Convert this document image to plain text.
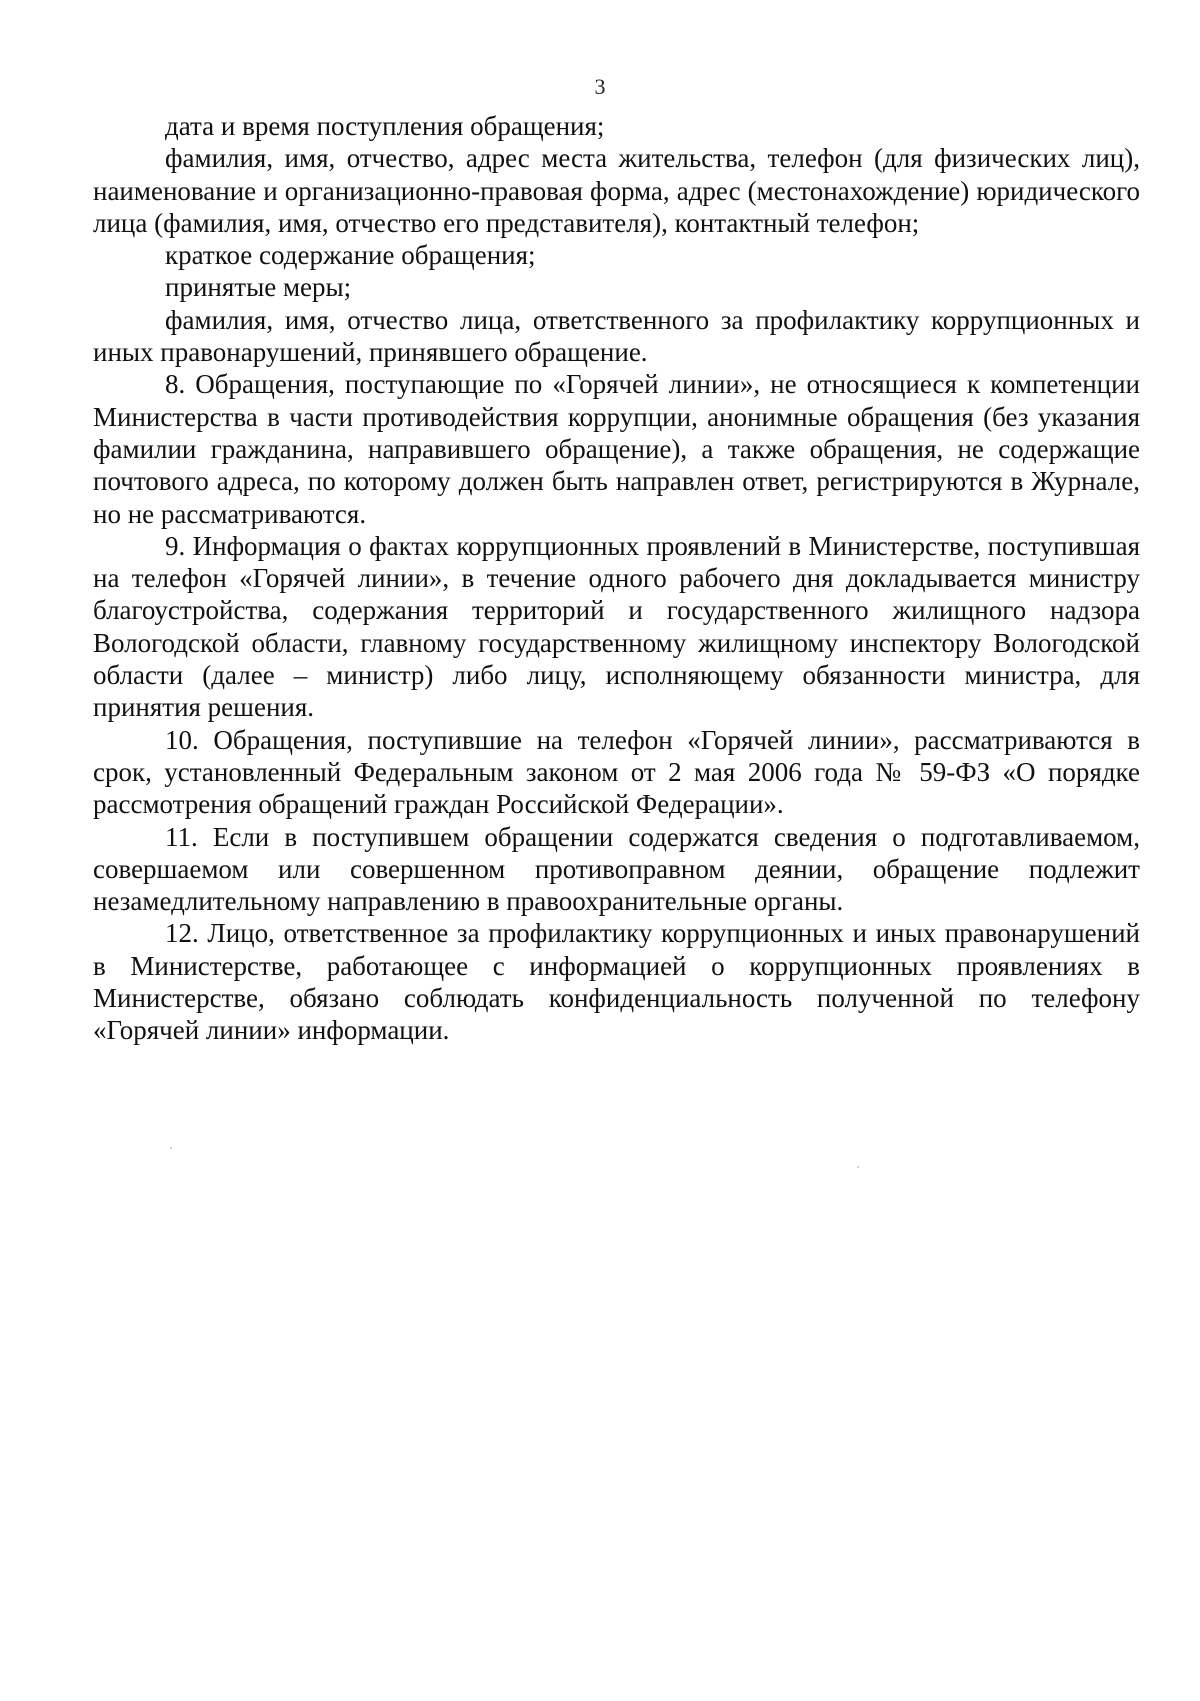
3

дата и время поступления обращения;

фамилия, имя, отчество, адрес места жительства, телефон (для физических лиц), наименование и организационно-правовая форма, адрес (местонахождение) юридического лица (фамилия, имя, отчество его представителя), контактный телефон;

краткое содержание обращения;

принятые меры;

фамилия, имя, отчество лица, ответственного за профилактику коррупционных и иных правонарушений, принявшего обращение.

8. Обращения, поступающие по «Горячей линии», не относящиеся к компетенции Министерства в части противодействия коррупции, анонимные обращения (без указания фамилии гражданина, направившего обращение), а также обращения, не содержащие почтового адреса, по которому должен быть направлен ответ, регистрируются в Журнале, но не рассматриваются.

9. Информация о фактах коррупционных проявлений в Министерстве, поступившая на телефон «Горячей линии», в течение одного рабочего дня докладывается министру благоустройства, содержания территорий и государственного жилищного надзора Вологодской области, главному государственному жилищному инспектору Вологодской области (далее – министр) либо лицу, исполняющему обязанности министра, для принятия решения.

10. Обращения, поступившие на телефон «Горячей линии», рассматриваются в срок, установленный Федеральным законом от 2 мая 2006 года № 59-ФЗ «О порядке рассмотрения обращений граждан Российской Федерации».

11. Если в поступившем обращении содержатся сведения о подготавливаемом, совершаемом или совершенном противоправном деянии, обращение подлежит незамедлительному направлению в правоохранительные органы.

12. Лицо, ответственное за профилактику коррупционных и иных правонарушений в Министерстве, работающее с информацией о коррупционных проявлениях в Министерстве, обязано соблюдать конфиденциальность полученной по телефону «Горячей линии» информации.
